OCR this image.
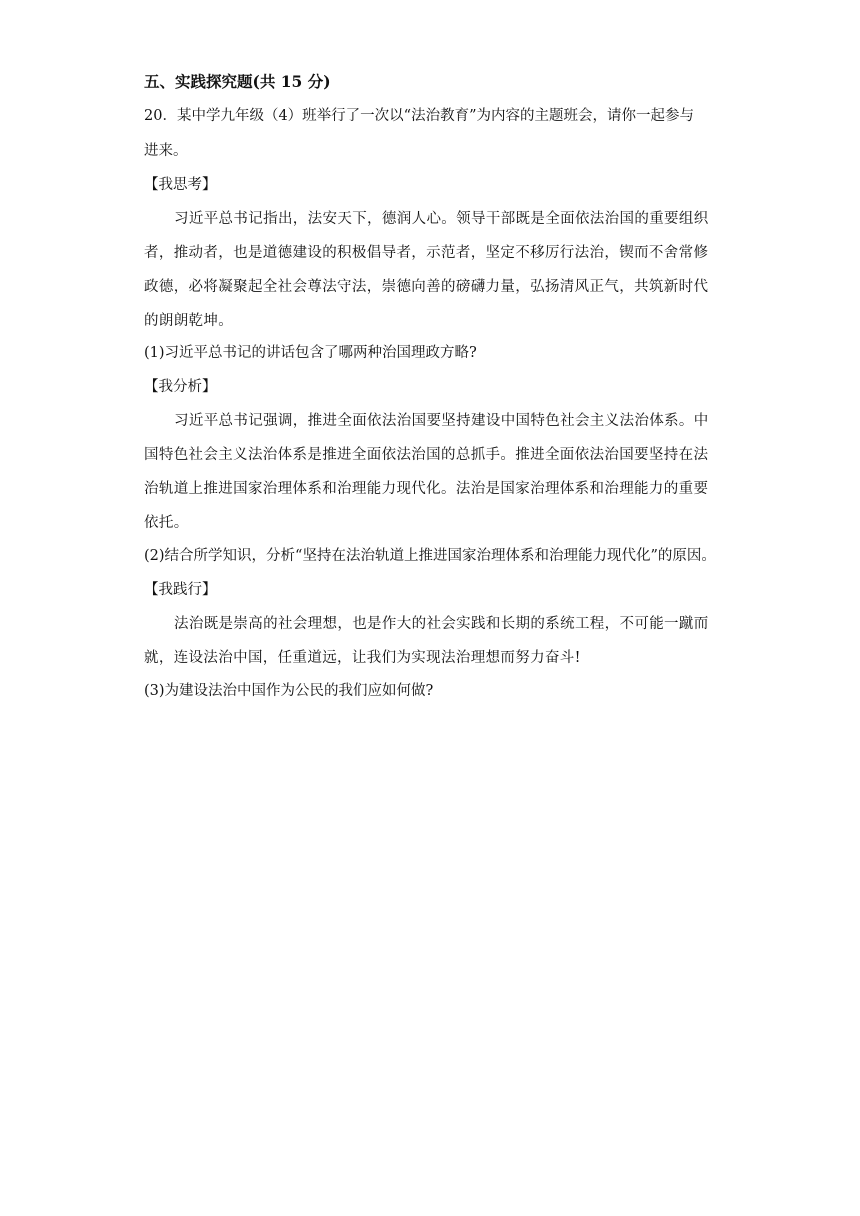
五、实践探究题(共 15 分)
20．某中学九年级（4）班举行了一次以“法治教育”为内容的主题班会，请你一起参与
进来。
【我思考】
习近平总书记指出，法安天下，德润人心。领导干部既是全面依法治国的重要组织
者，推动者，也是道德建设的积极倡导者，示范者，坚定不移厉行法治，锲而不舍常修
政德，必将凝聚起全社会尊法守法，崇德向善的磅礴力量，弘扬清风正气，共筑新时代
的朗朗乾坤。
(1)习近平总书记的讲话包含了哪两种治国理政方略?
【我分析】
习近平总书记强调，推进全面依法治国要坚持建设中国特色社会主义法治体系。中
国特色社会主义法治体系是推进全面依法治国的总抓手。推进全面依法治国要坚持在法
治轨道上推进国家治理体系和治理能力现代化。法治是国家治理体系和治理能力的重要
依托。
(2)结合所学知识，分析“坚持在法治轨道上推进国家治理体系和治理能力现代化”的原因。
【我践行】
法治既是崇高的社会理想，也是作大的社会实践和长期的系统工程，不可能一蹴而
就，连设法治中国，任重道远，让我们为实现法治理想而努力奋斗!
(3)为建设法治中国作为公民的我们应如何做?
